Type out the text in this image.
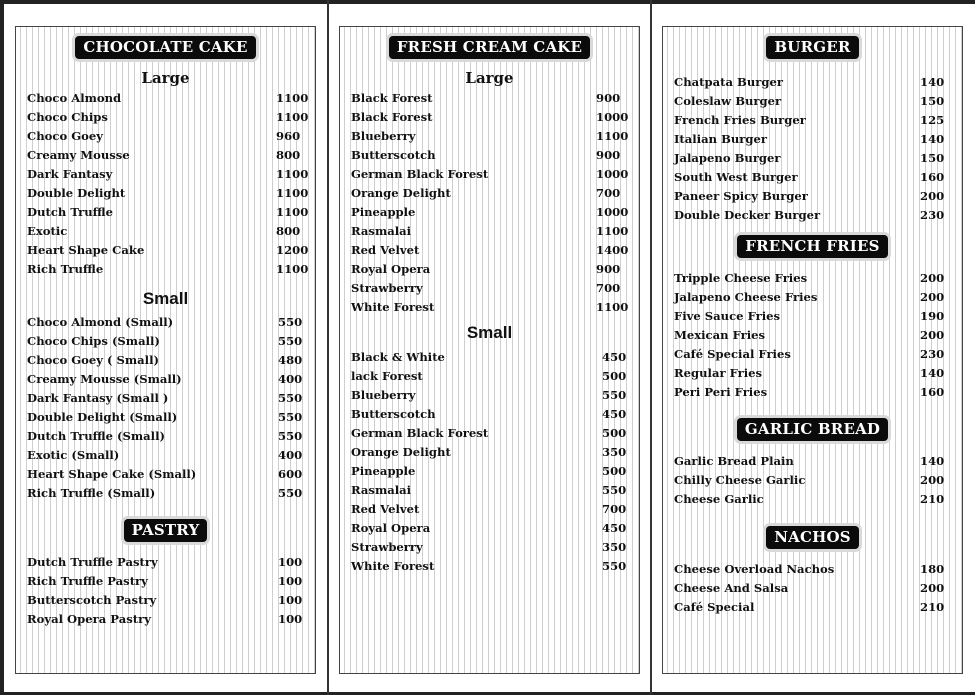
CHOCOLATE CAKE
Large
Choco Almond	1100
Choco Chips	1100
Choco Goey	960
Creamy Mousse	800
Dark Fantasy	1100
Double Delight	1100
Dutch Truffle	1100
Exotic	800
Heart Shape Cake	1200
Rich Truffle	1100
Small
Choco Almond (Small)	550
Choco Chips (Small)	550
Choco Goey ( Small)	480
Creamy Mousse (Small)	400
Dark Fantasy (Small )	550
Double Delight (Small)	550
Dutch Truffle (Small)	550
Exotic (Small)	400
Heart Shape Cake (Small)	600
Rich Truffle (Small)	550
PASTRY
Dutch Truffle Pastry	100
Rich Truffle Pastry	100
Butterscotch Pastry	100
Royal Opera Pastry	100
FRESH CREAM CAKE
Large
Black Forest	900
Black Forest	1000
Blueberry	1100
Butterscotch	900
German Black Forest	1000
Orange Delight	700
Pineapple	1000
Rasmalai	1100
Red Velvet	1400
Royal Opera	900
Strawberry	700
White Forest	1100
Small
Black & White	450
lack Forest	500
Blueberry	550
Butterscotch	450
German Black Forest	500
Orange Delight	350
Pineapple	500
Rasmalai	550
Red Velvet	700
Royal Opera	450
Strawberry	350
White Forest	550
BURGER
Chatpata Burger	140
Coleslaw Burger	150
French Fries Burger	125
Italian Burger	140
Jalapeno Burger	150
South West Burger	160
Paneer Spicy Burger	200
Double Decker Burger	230
FRENCH FRIES
Tripple Cheese Fries	200
Jalapeno Cheese Fries	200
Five Sauce Fries	190
Mexican Fries	200
Café Special Fries	230
Regular Fries	140
Peri Peri Fries	160
GARLIC BREAD
Garlic Bread Plain	140
Chilly Cheese Garlic	200
Cheese Garlic	210
NACHOS
Cheese Overload Nachos	180
Cheese And Salsa	200
Café Special	210
